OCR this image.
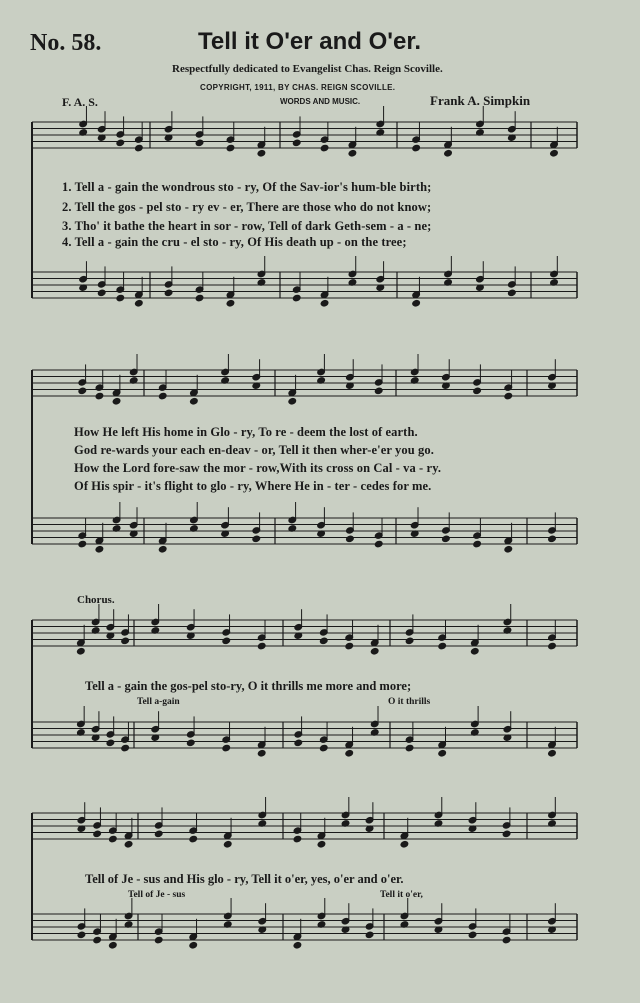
No. 58.	Tell it O'er and O'er.
Respectfully dedicated to Evangelist Chas. Reign Scoville.
COPYRIGHT, 1911, BY CHAS. REIGN SCOVILLE.
WORDS AND MUSIC.
F. A. S.	Frank A. Simpkin
1. Tell a - gain the wondrous sto - ry, Of the Sav-ior's hum-ble birth;
2. Tell the gos - pel sto - ry ev - er, There are those who do not know;
3. Tho' it bathe the heart in sor - row, Tell of dark Geth-sem - a - ne;
4. Tell a - gain the cru - el sto - ry, Of His death up - on the tree;
How He left His home in Glo - ry, To re - deem the lost of earth.
God re-wards your each en-deav - or, Tell it then wher-e'er you go.
How the Lord fore-saw the mor - row,With its cross on Cal - va - ry.
Of His spir - it's flight to glo - ry, Where He in - ter - cedes for me.
Chorus.
Tell a - gain the gos-pel sto-ry, O it thrills me more and more;
Tell a-gain	O it thrills
Tell of Je - sus and His glo - ry, Tell it o'er, yes, o'er and o'er.
Tell of Je - sus	Tell it o'er,
